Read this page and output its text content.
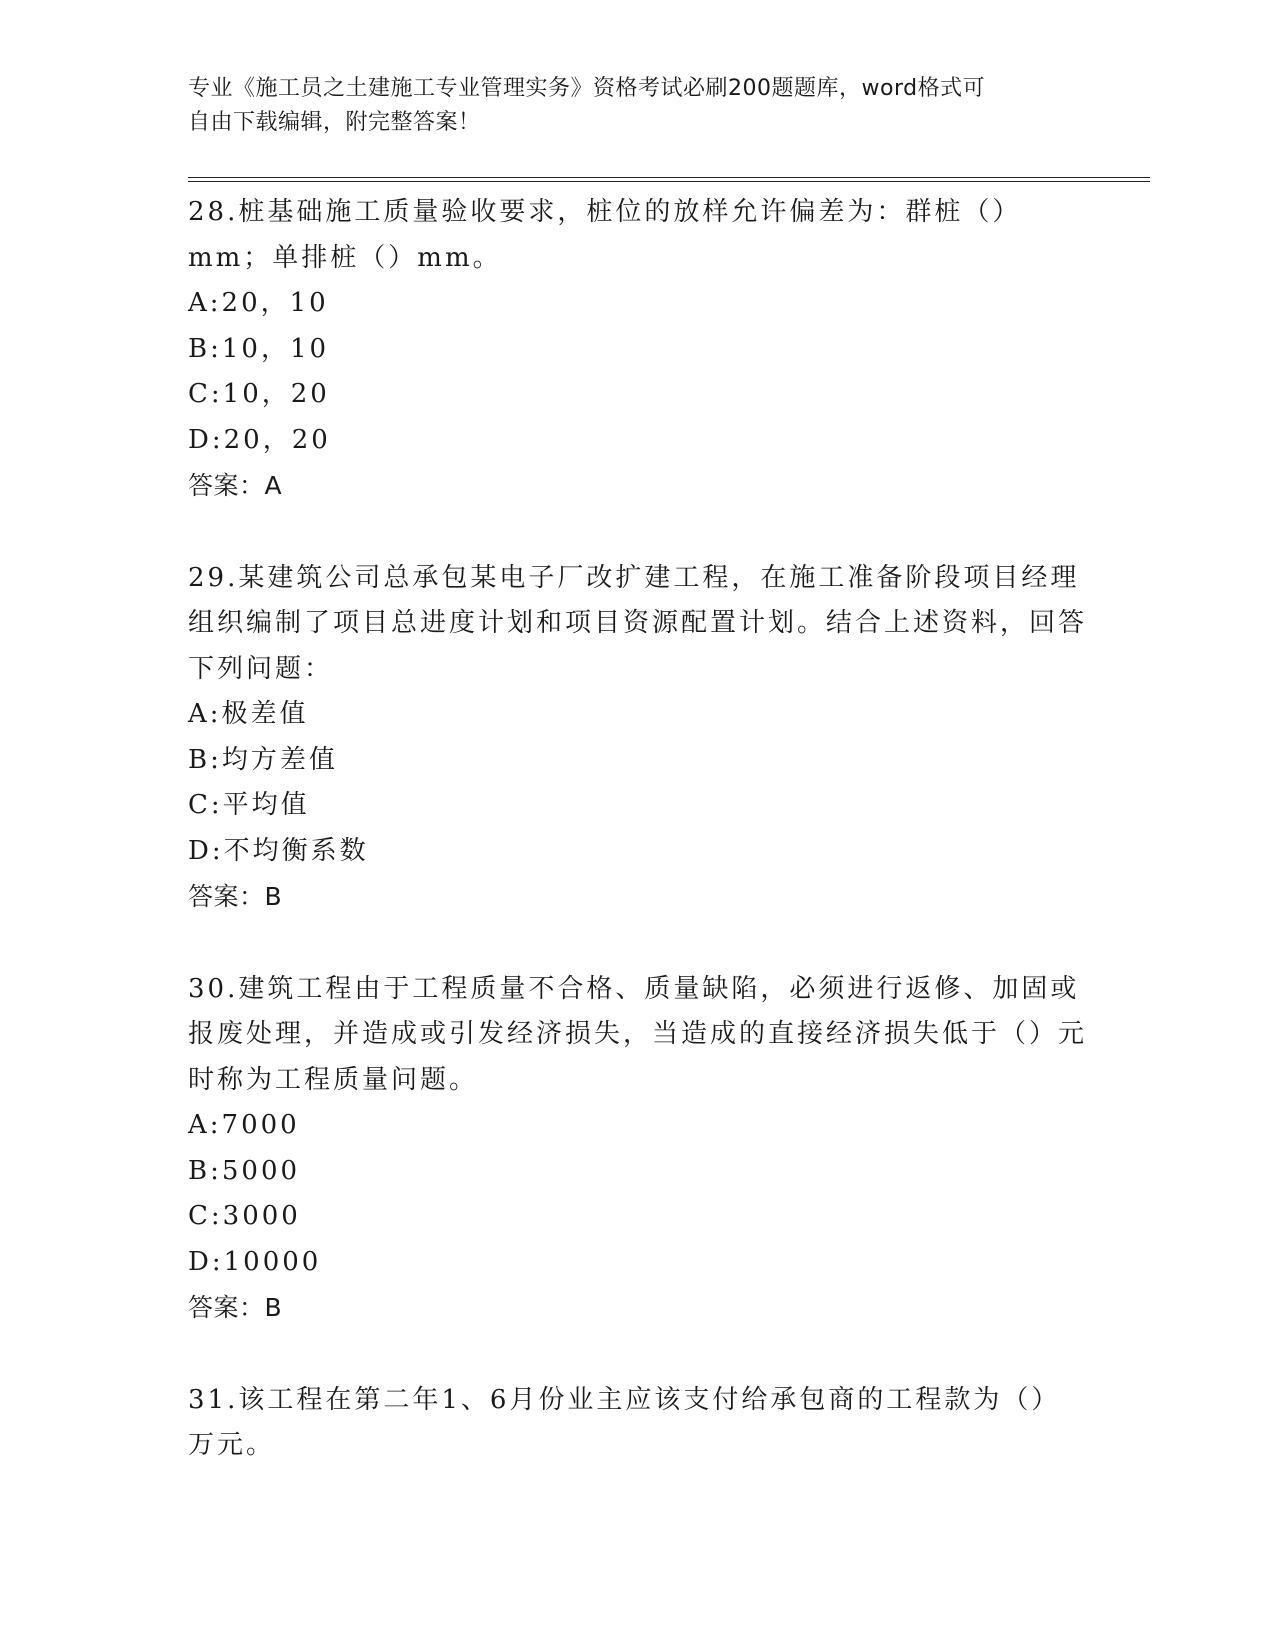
专业《施工员之土建施工专业管理实务》资格考试必刷200题题库，word格式可
自由下载编辑，附完整答案！

28.桩基础施工质量验收要求，桩位的放样允许偏差为：群桩（）mm；单排桩（）mm。

A:20，10

B:10，10

C:10，20

D:20，20

答案：A

29.某建筑公司总承包某电子厂改扩建工程，在施工准备阶段项目经理组织编制了项目总进度计划和项目资源配置计划。结合上述资料，回答下列问题：

A:极差值

B:均方差值

C:平均值

D:不均衡系数

答案：B

30.建筑工程由于工程质量不合格、质量缺陷，必须进行返修、加固或报废处理，并造成或引发经济损失，当造成的直接经济损失低于（）元时称为工程质量问题。

A:7000

B:5000

C:3000

D:10000

答案：B

31.该工程在第二年1、6月份业主应该支付给承包商的工程款为（）万元。
